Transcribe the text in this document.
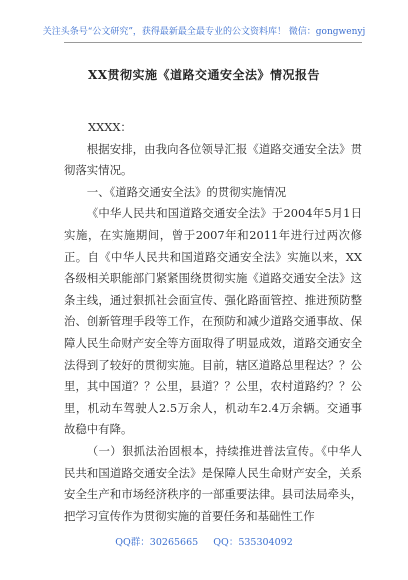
关注头条号“公文研究”，获得最新最全最专业的公文资料库！ 微信：gongwenyj
XX贯彻实施《道路交通安全法》情况报告

XXXX：

根据安排，由我向各位领导汇报《道路交通安全法》贯彻落实情况。

一、《道路交通安全法》的贯彻实施情况

《中华人民共和国道路交通安全法》于2004年5月1日实施，在实施期间，曾于2007年和2011年进行过两次修正。自《中华人民共和国道路交通安全法》实施以来，XX各级相关职能部门紧紧围绕贯彻实施《道路交通安全法》这条主线，通过狠抓社会面宣传、强化路面管控、推进预防整治、创新管理手段等工作，在预防和减少道路交通事故、保障人民生命财产安全等方面取得了明显成效，道路交通安全法得到了较好的贯彻实施。目前，辖区道路总里程达？？公里，其中国道？？公里，县道？？公里，农村道路约？？公里，机动车驾驶人2.5万余人，机动车2.4万余辆。交通事故稳中有降。

（一）狠抓法治固根本，持续推进普法宣传。《中华人民共和国道路交通安全法》是保障人民生命财产安全，关系安全生产和市场经济秩序的一部重要法律。县司法局牵头，把学习宣传作为贯彻实施的首要任务和基础性工作

QQ群：30265665     QQ：535304092
